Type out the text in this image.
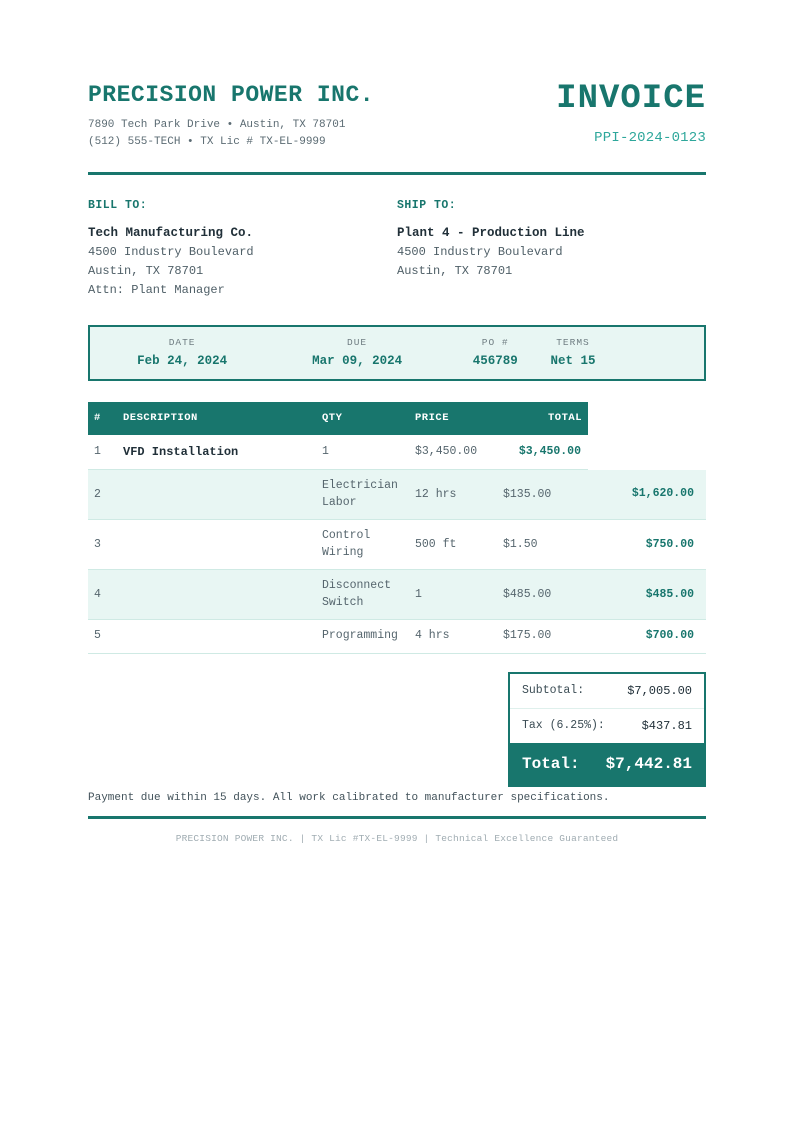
PRECISION POWER INC.
7890 Tech Park Drive • Austin, TX 78701
(512) 555-TECH • TX Lic # TX-EL-9999
INVOICE
PPI-2024-0123
BILL TO:
Tech Manufacturing Co.
4500 Industry Boulevard
Austin, TX 78701
Attn: Plant Manager
SHIP TO:
Plant 4 - Production Line
4500 Industry Boulevard
Austin, TX 78701
DATE
Feb 24, 2024
DUE
Mar 09, 2024
PO #
456789
TERMS
Net 15
#	DESCRIPTION	QTY	PRICE	TOTAL	
1	VFD Installation	1	$3,450.00	$3,450.00	
2		Electrician Labor	12 hrs	$135.00	$1,620.00
3		Control Wiring	500 ft	$1.50	$750.00
4		Disconnect Switch	1	$485.00	$485.00
5		Programming	4 hrs	$175.00	$700.00
Subtotal:	$7,005.00
Tax (6.25%):	$437.81
Total: $7,442.81
Payment due within 15 days. All work calibrated to manufacturer specifications.
PRECISION POWER INC. | TX Lic #TX-EL-9999 | Technical Excellence Guaranteed
